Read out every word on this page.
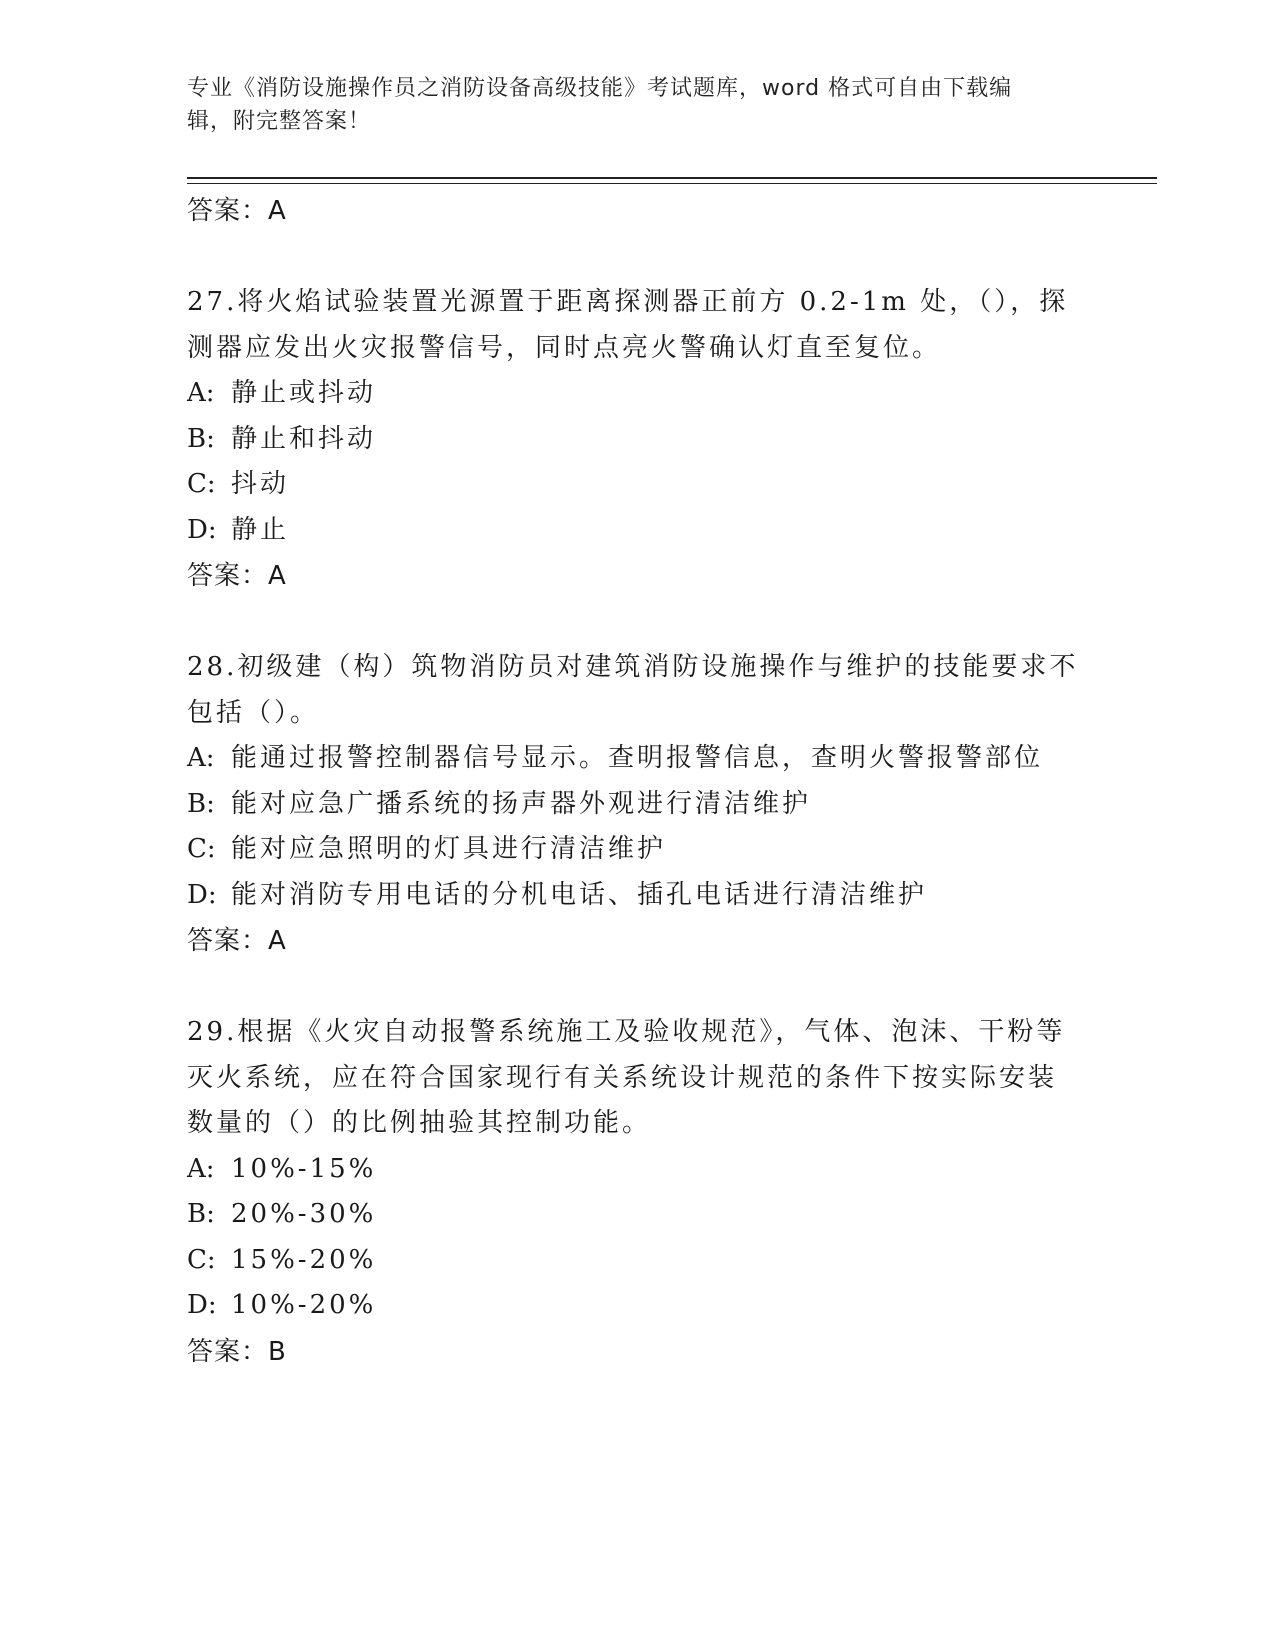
专业《消防设施操作员之消防设备高级技能》考试题库，word 格式可自由下载编
辑，附完整答案！
答案：A
27.将火焰试验装置光源置于距离探测器正前方 0.2-1m 处，（），探
测器应发出火灾报警信号，同时点亮火警确认灯直至复位。
A: 静止或抖动
B: 静止和抖动
C: 抖动
D: 静止
答案：A
28.初级建（构）筑物消防员对建筑消防设施操作与维护的技能要求不
包括（）。
A: 能通过报警控制器信号显示。查明报警信息，查明火警报警部位
B: 能对应急广播系统的扬声器外观进行清洁维护
C: 能对应急照明的灯具进行清洁维护
D: 能对消防专用电话的分机电话、插孔电话进行清洁维护
答案：A
29.根据《火灾自动报警系统施工及验收规范》，气体、泡沫、干粉等
灭火系统，应在符合国家现行有关系统设计规范的条件下按实际安装
数量的（）的比例抽验其控制功能。
A: 10%-15%
B: 20%-30%
C: 15%-20%
D: 10%-20%
答案：B
